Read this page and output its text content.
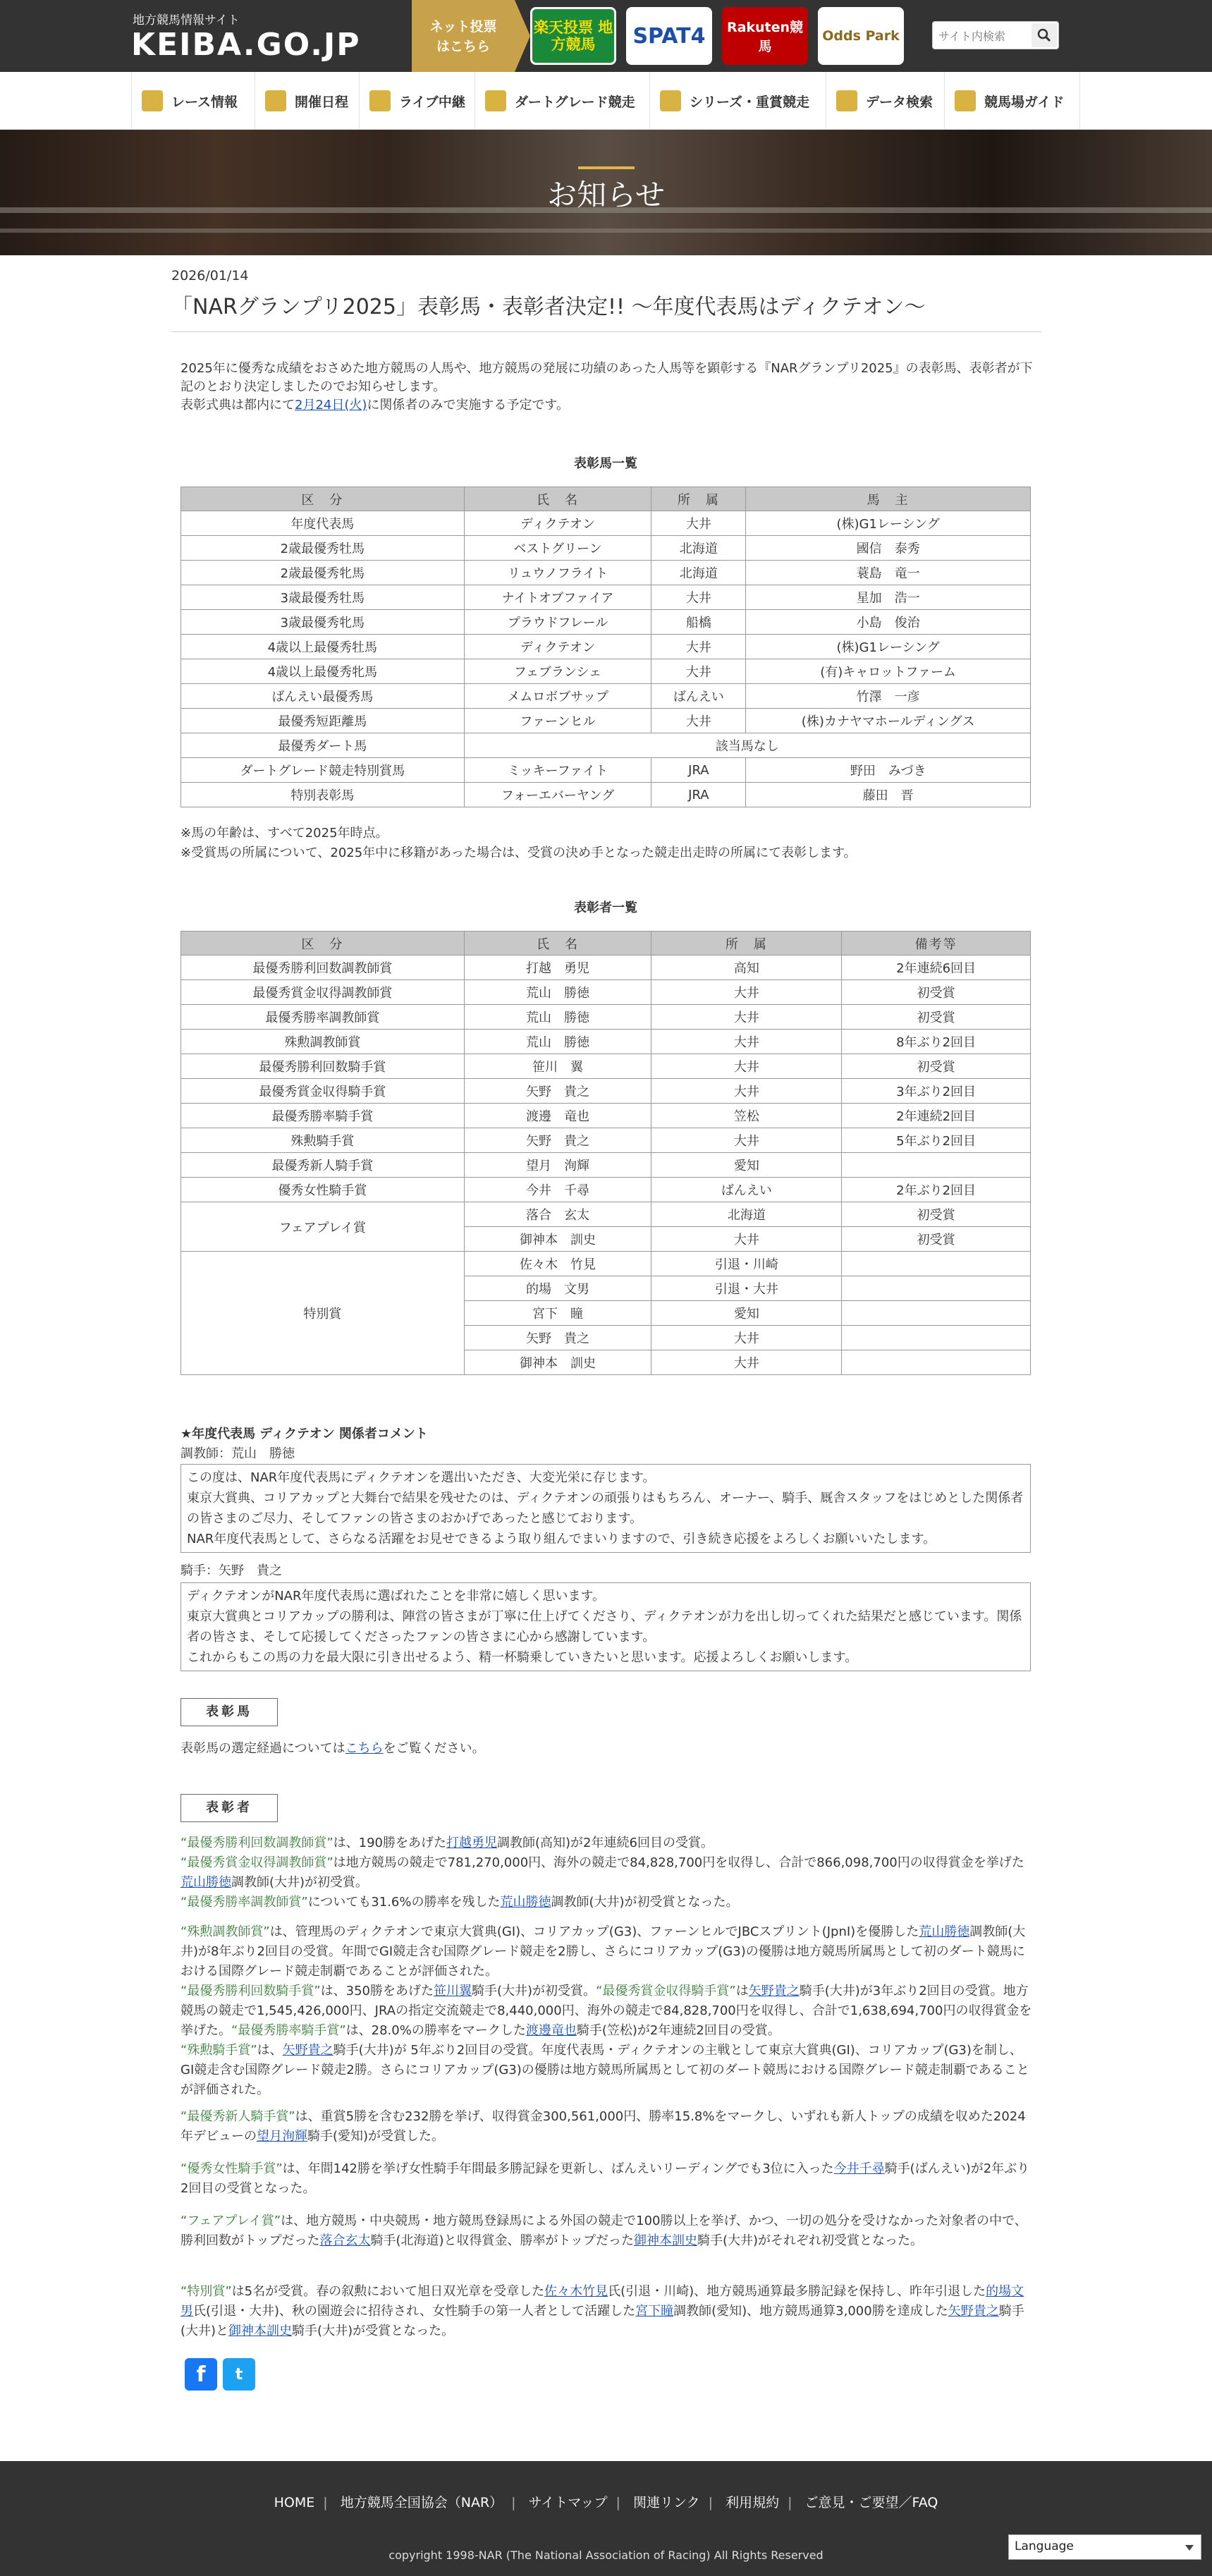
地方競馬情報サイト
KEIBA.GO.JP	ネット投票
はこちら
楽天投票 地方競馬	SPAT4	Rakuten競馬
Odds Park
サイト内検索
レース情報	開催日程	ライブ中継	ダートグレード競走	シリーズ・重賞競走	データ検索	競馬場ガイド
お知らせ
2026/01/14
「NARグランプリ2025」表彰馬・表彰者決定!! ～年度代表馬はディクテオン～

2025年に優秀な成績をおさめた地方競馬の人馬や、地方競馬の発展に功績のあった人馬等を顕彰する『NARグランプリ2025』の表彰馬、表彰者が下記のとおり決定しましたのでお知らせします。

表彰式典は都内にて2月24日(火)に関係者のみで実施する予定です。

表彰馬一覧
区　分	氏　名	所　属	馬　主
年度代表馬	ディクテオン	大井	(株)G1レーシング
2歳最優秀牡馬	ベストグリーン	北海道	國信　泰秀
2歳最優秀牝馬	リュウノフライト	北海道	蓑島　竜一
3歳最優秀牡馬	ナイトオブファイア	大井	星加　浩一
3歳最優秀牝馬	プラウドフレール	船橋	小島　俊治
4歳以上最優秀牡馬	ディクテオン	大井	(株)G1レーシング
4歳以上最優秀牝馬	フェブランシェ	大井	(有)キャロットファーム
ばんえい最優秀馬	メムロボブサップ	ばんえい	竹澤　一彦
最優秀短距離馬	ファーンヒル	大井	(株)カナヤマホールディングス
最優秀ダート馬	該当馬なし		
ダートグレード競走特別賞馬	ミッキーファイト	JRA	野田　みづき
特別表彰馬	フォーエバーヤング	JRA	藤田　晋
※馬の年齢は、すべて2025年時点。
※受賞馬の所属について、2025年中に移籍があった場合は、受賞の決め手となった競走出走時の所属にて表彰します。
表彰者一覧
区　分	氏　名	所　属	備考等
最優秀勝利回数調教師賞	打越　勇児	高知	2年連続6回目
最優秀賞金収得調教師賞	荒山　勝徳	大井	初受賞
最優秀勝率調教師賞	荒山　勝徳	大井	初受賞
殊勲調教師賞	荒山　勝徳	大井	8年ぶり2回目
最優秀勝利回数騎手賞	笹川　翼	大井	初受賞
最優秀賞金収得騎手賞	矢野　貴之	大井	3年ぶり2回目
最優秀勝率騎手賞	渡邊　竜也	笠松	2年連続2回目
殊勲騎手賞	矢野　貴之	大井	5年ぶり2回目
最優秀新人騎手賞	望月　洵輝	愛知	
優秀女性騎手賞	今井　千尋	ばんえい	2年ぶり2回目
フェアプレイ賞	落合　玄太	北海道	初受賞
	御神本　訓史	大井	初受賞
特別賞	佐々木　竹見	引退・川崎	
	的場　文男	引退・大井	
	宮下　瞳	愛知	
	矢野　貴之	大井	
	御神本　訓史	大井	
★年度代表馬 ディクテオン 関係者コメント
調教師：荒山　勝徳
この度は、NAR年度代表馬にディクテオンを選出いただき、大変光栄に存じます。
東京大賞典、コリアカップと大舞台で結果を残せたのは、ディクテオンの頑張りはもちろん、オーナー、騎手、厩舎スタッフをはじめとした関係者の皆さまのご尽力、そしてファンの皆さまのおかげであったと感じております。
NAR年度代表馬として、さらなる活躍をお見せできるよう取り組んでまいりますので、引き続き応援をよろしくお願いいたします。
騎手：矢野　貴之
ディクテオンがNAR年度代表馬に選ばれたことを非常に嬉しく思います。
東京大賞典とコリアカップの勝利は、陣営の皆さまが丁寧に仕上げてくださり、ディクテオンが力を出し切ってくれた結果だと感じています。関係者の皆さま、そして応援してくださったファンの皆さまに心から感謝しています。
これからもこの馬の力を最大限に引き出せるよう、精一杯騎乗していきたいと思います。応援よろしくお願いします。
表彰馬
表彰馬の選定経過についてはこちらをご覧ください。
表彰者
“最優秀勝利回数調教師賞”は、190勝をあげた打越勇児調教師(高知)が2年連続6回目の受賞。
“最優秀賞金収得調教師賞”は地方競馬の競走で781,270,000円、海外の競走で84,828,700円を収得し、合計で866,098,700円の収得賞金を挙げた荒山勝徳調教師(大井)が初受賞。
“最優秀勝率調教師賞”についても31.6%の勝率を残した荒山勝徳調教師(大井)が初受賞となった。
“殊勲調教師賞”は、管理馬のディクテオンで東京大賞典(GI)、コリアカップ(G3)、ファーンヒルでJBCスプリント(JpnI)を優勝した荒山勝徳調教師(大井)が8年ぶり2回目の受賞。年間でGI競走含む国際グレード競走を2勝し、さらにコリアカップ(G3)の優勝は地方競馬所属馬として初のダート競馬における国際グレード競走制覇であることが評価された。
“最優秀勝利回数騎手賞”は、350勝をあげた笹川翼騎手(大井)が初受賞。“最優秀賞金収得騎手賞”は矢野貴之騎手(大井)が3年ぶり2回目の受賞。地方競馬の競走で1,545,426,000円、JRAの指定交流競走で8,440,000円、海外の競走で84,828,700円を収得し、合計で1,638,694,700円の収得賞金を挙げた。“最優秀勝率騎手賞”は、28.0%の勝率をマークした渡邊竜也騎手(笠松)が2年連続2回目の受賞。
“殊勲騎手賞”は、矢野貴之騎手(大井)が 5年ぶり2回目の受賞。年度代表馬・ディクテオンの主戦として東京大賞典(GI)、コリアカップ(G3)を制し、GI競走含む国際グレード競走2勝。さらにコリアカップ(G3)の優勝は地方競馬所属馬として初のダート競馬における国際グレード競走制覇であることが評価された。
“最優秀新人騎手賞”は、重賞5勝を含む232勝を挙げ、収得賞金300,561,000円、勝率15.8%をマークし、いずれも新人トップの成績を収めた2024年デビューの望月洵輝騎手(愛知)が受賞した。
“優秀女性騎手賞”は、年間142勝を挙げ女性騎手年間最多勝記録を更新し、ばんえいリーディングでも3位に入った今井千尋騎手(ばんえい)が2年ぶり2回目の受賞となった。
“フェアプレイ賞”は、地方競馬・中央競馬・地方競馬登録馬による外国の競走で100勝以上を挙げ、かつ、一切の処分を受けなかった対象者の中で、勝利回数がトップだった落合玄太騎手(北海道)と収得賞金、勝率がトップだった御神本訓史騎手(大井)がそれぞれ初受賞となった。
“特別賞”は5名が受賞。春の叙勲において旭日双光章を受章した佐々木竹見氏(引退・川崎)、地方競馬通算最多勝記録を保持し、昨年引退した的場文男氏(引退・大井)、秋の園遊会に招待され、女性騎手の第一人者として活躍した宮下瞳調教師(愛知)、地方競馬通算3,000勝を達成した矢野貴之騎手(大井)と御神本訓史騎手(大井)が受賞となった。
f t
HOME | 地方競馬全国協会（NAR） | サイトマップ | 関連リンク | 利用規約 | ご意見・ご要望／FAQ
Language
copyright 1998-NAR (The National Association of Racing) All Rights Reserved
